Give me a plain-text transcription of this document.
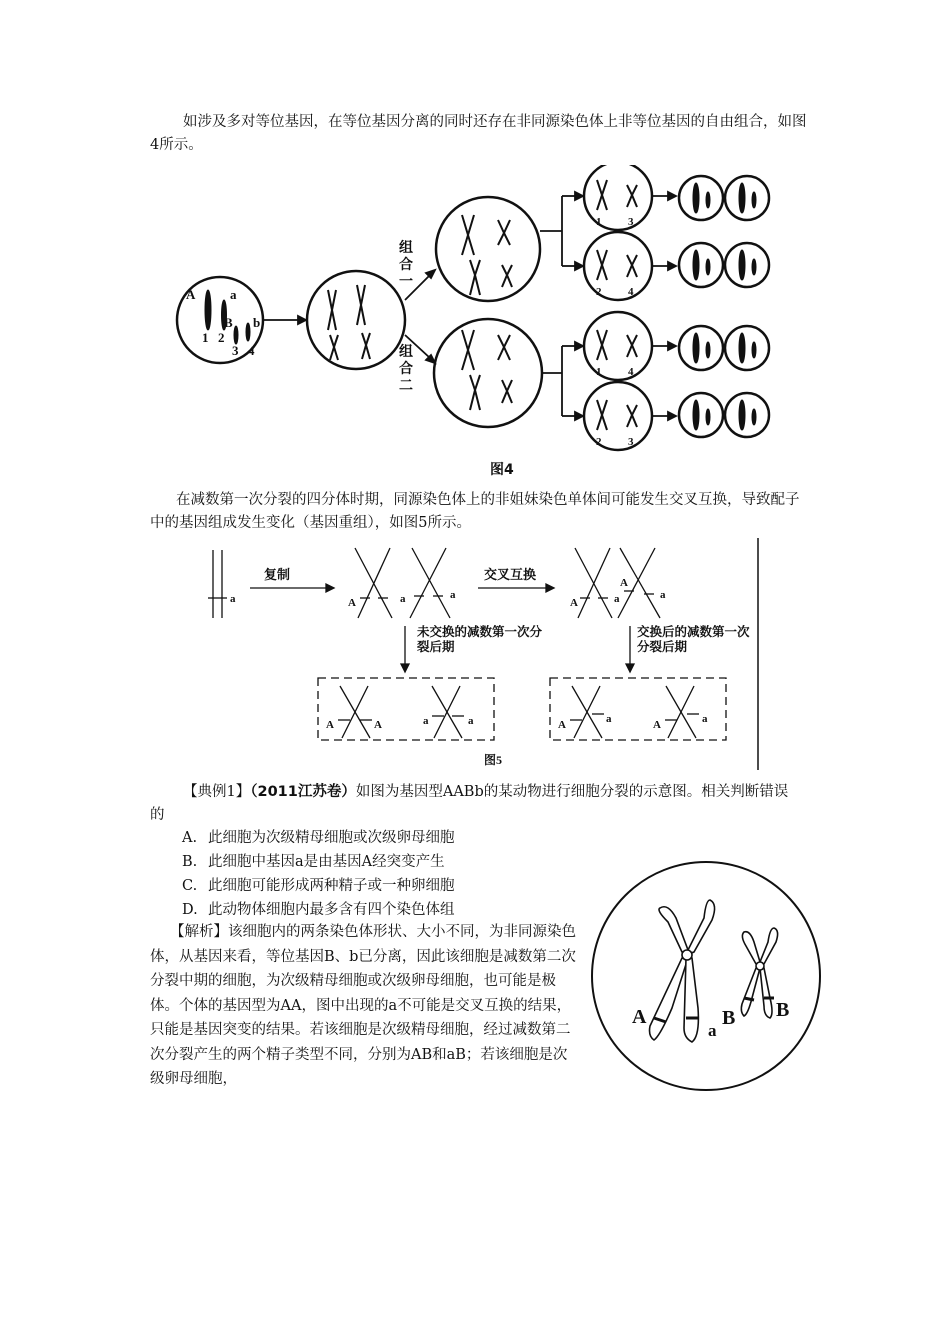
如涉及多对等位基因，在等位基因分离的同时还存在非同源染色体上非等位基因的自由组合，如图4所示。
A	a
B b
1 2
3 4
1 3
2 4
1 4
2 3
组合一
组合二
图4
在减数第一次分裂的四分体时期，同源染色体上的非姐妹染色单体间可能发生交叉互换，导致配子中的基因组成发生变化（基因重组），如图5所示。
a
复制
A	a	a
交叉互换
A	a
A
a
A	A	a	a	A	a	A	a
图5
未交换的减数第一次分裂后期
交换后的减数第一次分裂后期
【典例1】（2011江苏卷）如图为基因型AABb的某动物进行细胞分裂的示意图。相关判断错误的
A. 此细胞为次级精母细胞或次级卵母细胞
B. 此细胞中基因a是由基因A经突变产生
C. 此细胞可能形成两种精子或一种卵细胞
D. 此动物体细胞内最多含有四个染色体组
【解析】该细胞内的两条染色体形状、大小不同，为非同源染色体，从基因来看，等位基因B、b已分离，因此该细胞是减数第二次分裂中期的细胞，为次级精母细胞或次级卵母细胞，也可能是极体。个体的基因型为AA，图中出现的a不可能是交叉互换的结果，只能是基因突变的结果。若该细胞是次级精母细胞，经过减数第二次分裂产生的两个精子类型不同，分别为AB和aB；若该细胞是次级卵母细胞，
A
a
B B
